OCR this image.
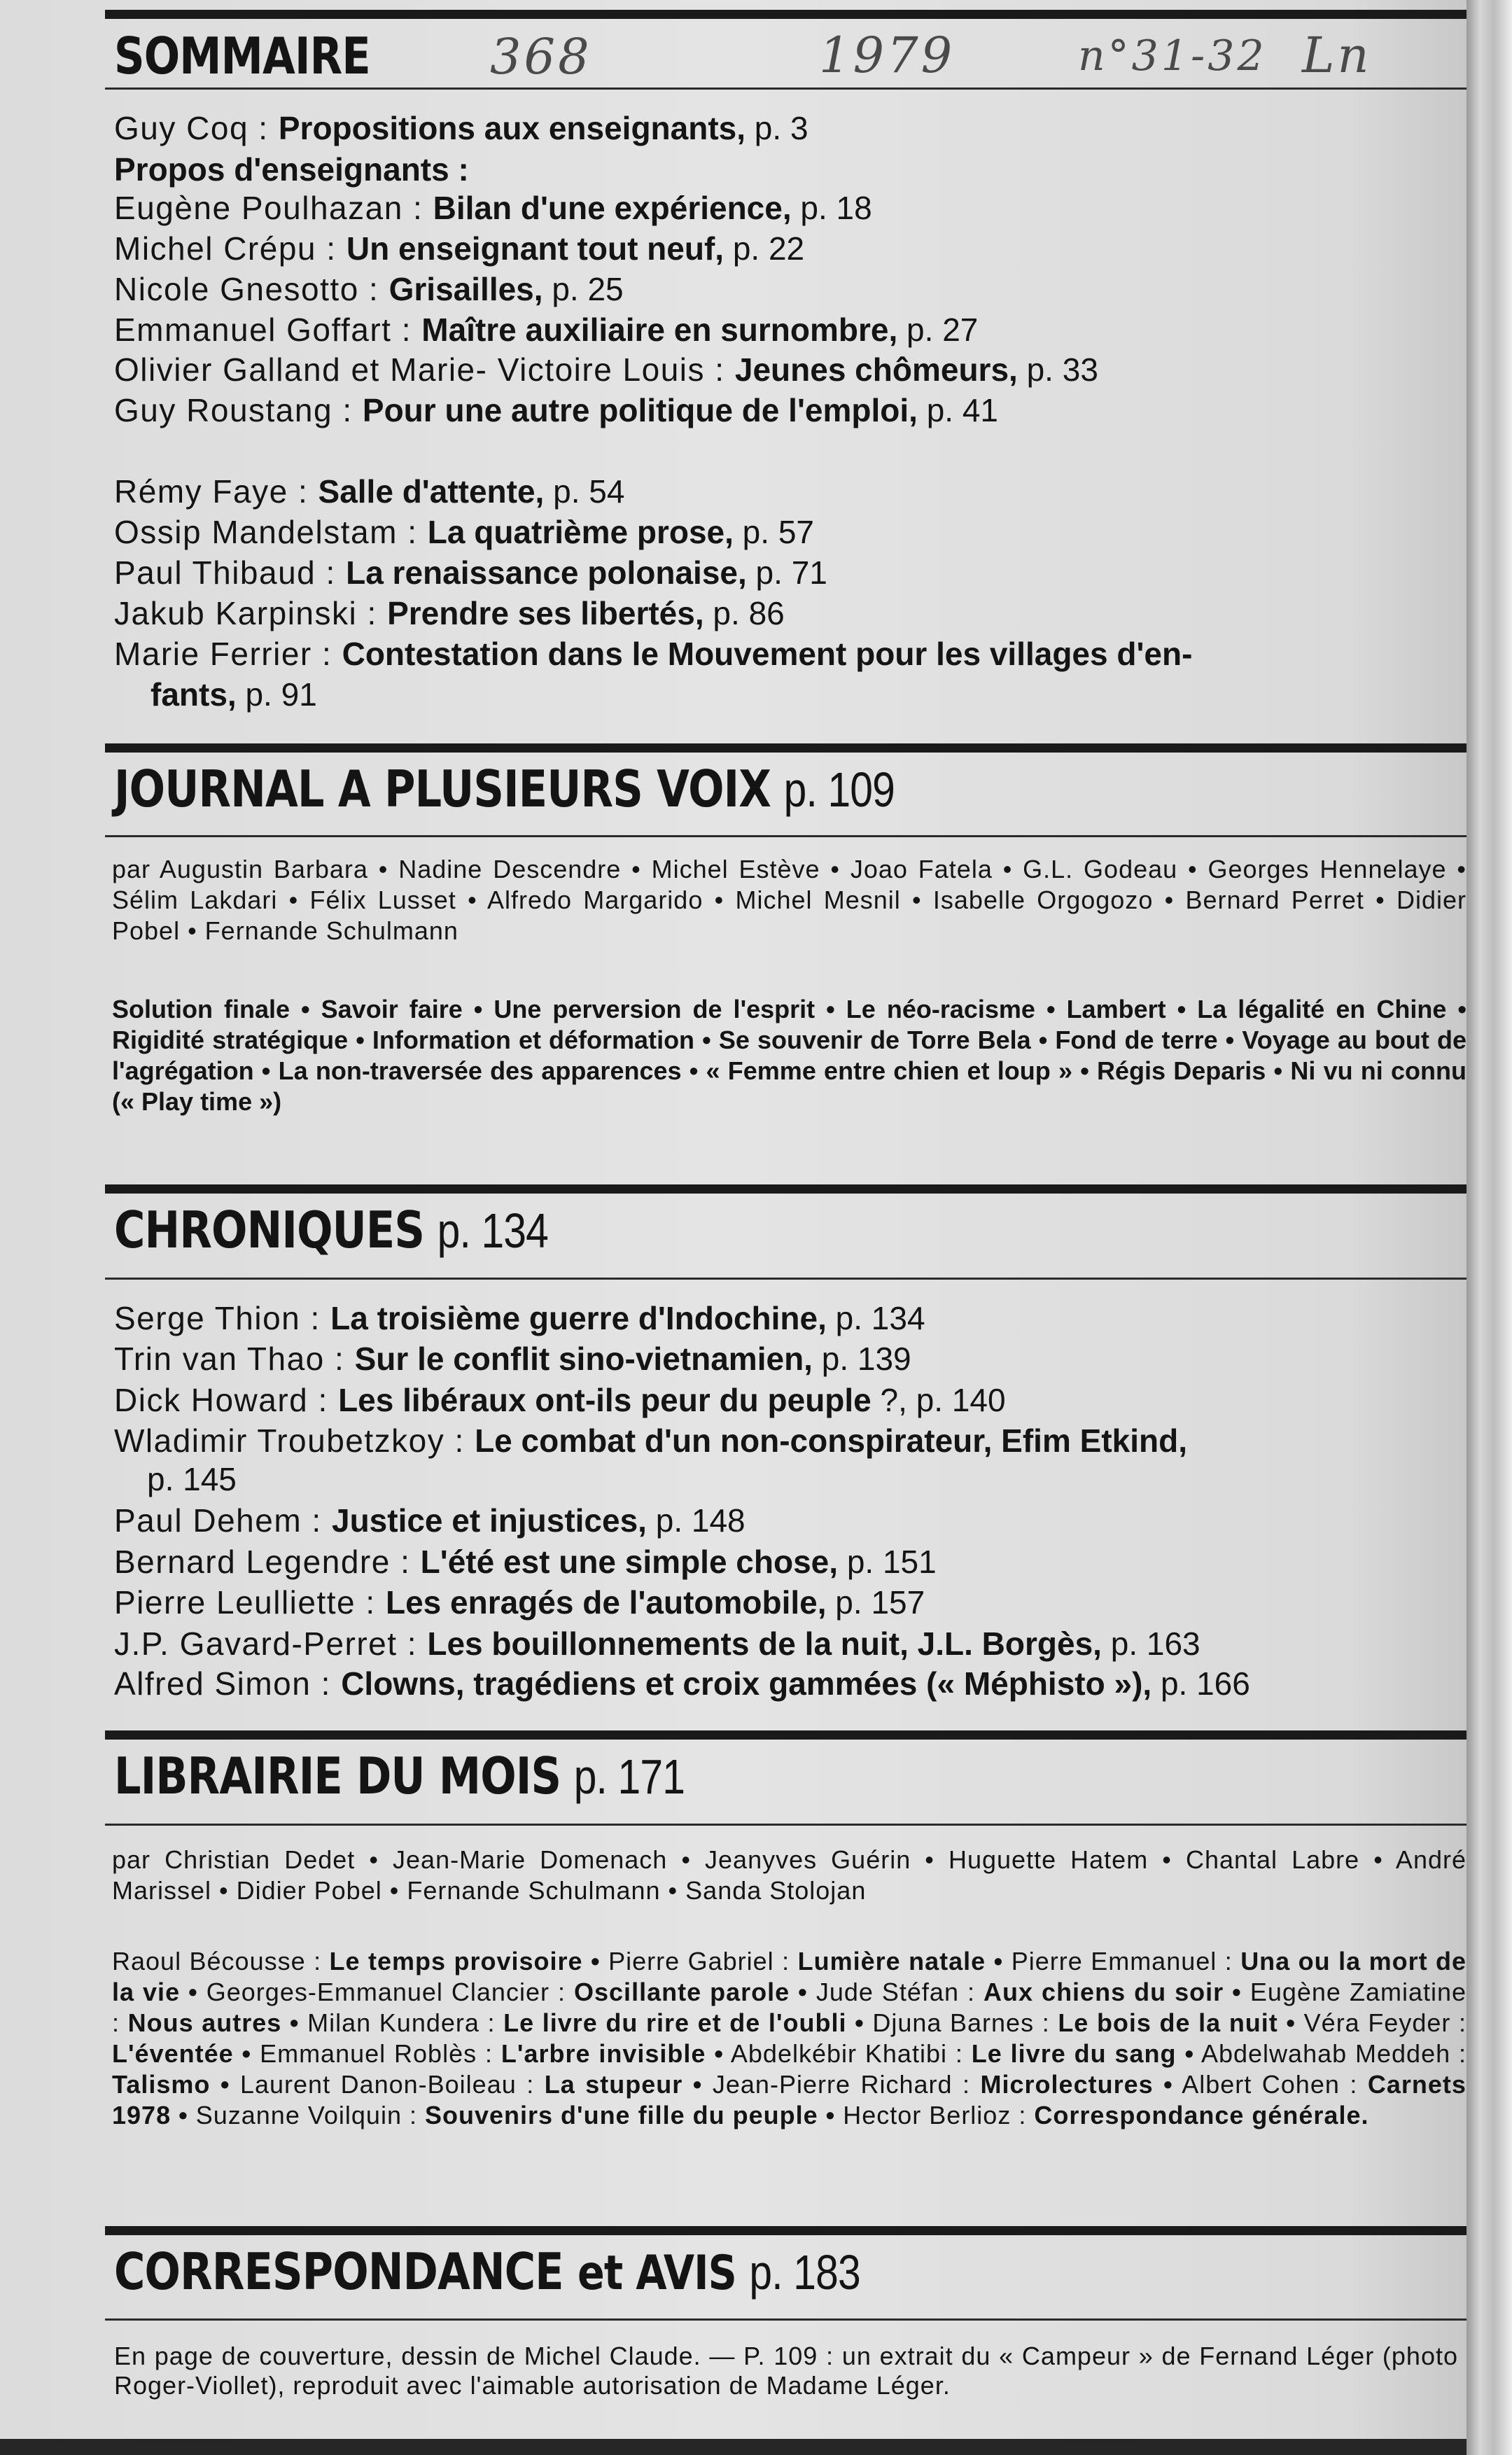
SOMMAIRE 368	1979	n°31-32 Ln
Guy Coq : Propositions aux enseignants, p. 3
Propos d'enseignants :
Eugène Poulhazan : Bilan d'une expérience, p. 18
Michel Crépu : Un enseignant tout neuf, p. 22
Nicole Gnesotto : Grisailles, p. 25
Emmanuel Goffart : Maître auxiliaire en surnombre, p. 27
Olivier Galland et Marie- Victoire Louis : Jeunes chômeurs, p. 33
Guy Roustang : Pour une autre politique de l'emploi, p. 41
Rémy Faye : Salle d'attente, p. 54
Ossip Mandelstam : La quatrième prose, p. 57
Paul Thibaud : La renaissance polonaise, p. 71
Jakub Karpinski : Prendre ses libertés, p. 86
Marie Ferrier : Contestation dans le Mouvement pour les villages d'en-
fants, p. 91
JOURNAL A PLUSIEURS VOIX p. 109
par Augustin Barbara • Nadine Descendre • Michel Estève • Joao Fatela • G.L. Godeau • Georges Hennelaye • Sélim Lakdari • Félix Lusset • Alfredo Margarido • Michel Mesnil • Isabelle Orgogozo • Bernard Perret • Didier Pobel • Fernande Schulmann
Solution finale • Savoir faire • Une perversion de l'esprit • Le néo-racisme • Lambert • La légalité en Chine • Rigidité stratégique • Information et déformation • Se souvenir de Torre Bela • Fond de terre • Voyage au bout de l'agrégation • La non-traversée des apparences • « Femme entre chien et loup » • Régis Deparis • Ni vu ni connu (« Play time »)
CHRONIQUES p. 134
Serge Thion : La troisième guerre d'Indochine, p. 134
Trin van Thao : Sur le conflit sino-vietnamien, p. 139
Dick Howard : Les libéraux ont-ils peur du peuple ?, p. 140
Wladimir Troubetzkoy : Le combat d'un non-conspirateur, Efim Etkind,
p. 145
Paul Dehem : Justice et injustices, p. 148
Bernard Legendre : L'été est une simple chose, p. 151
Pierre Leulliette : Les enragés de l'automobile, p. 157
J.P. Gavard-Perret : Les bouillonnements de la nuit, J.L. Borgès, p. 163
Alfred Simon : Clowns, tragédiens et croix gammées (« Méphisto »), p. 166
LIBRAIRIE DU MOIS p. 171
par Christian Dedet • Jean-Marie Domenach • Jeanyves Guérin • Huguette Hatem • Chantal Labre • André Marissel • Didier Pobel • Fernande Schulmann • Sanda Stolojan
Raoul Bécousse : Le temps provisoire • Pierre Gabriel : Lumière natale • Pierre Emmanuel : Una ou la mort de la vie • Georges-Emmanuel Clancier : Oscillante parole • Jude Stéfan : Aux chiens du soir • Eugène Zamiatine : Nous autres • Milan Kundera : Le livre du rire et de l'oubli • Djuna Barnes : Le bois de la nuit • Véra Feyder : L'éventée • Emmanuel Roblès : L'arbre invisible • Abdelkébir Khatibi : Le livre du sang • Abdelwahab Meddeh : Talismo • Laurent Danon-Boileau : La stupeur • Jean-Pierre Richard : Microlectures • Albert Cohen : Carnets 1978 • Suzanne Voilquin : Souvenirs d'une fille du peuple • Hector Berlioz : Correspondance générale.
CORRESPONDANCE et AVIS p. 183
En page de couverture, dessin de Michel Claude. — P. 109 : un extrait du « Campeur » de Fernand Léger (photo Roger-Viollet), reproduit avec l'aimable autorisation de Madame Léger.
